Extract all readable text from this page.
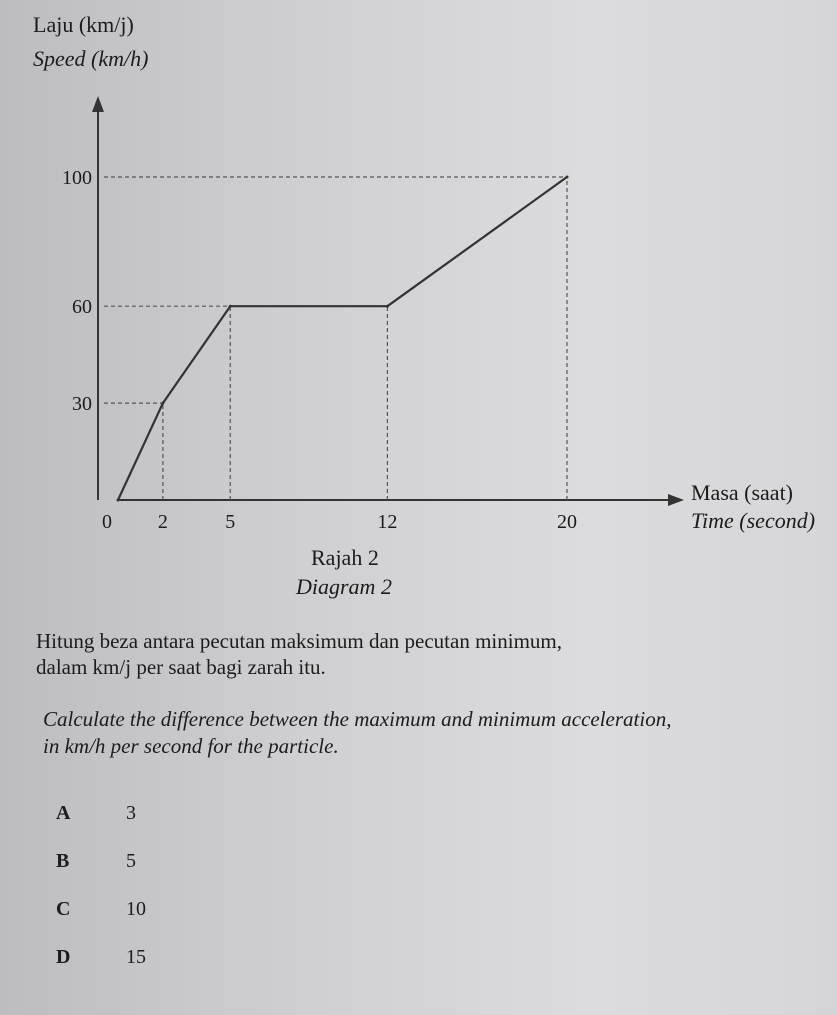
Laju (km/j)
Speed (km/h)
0 2	5	12	20
30
60
100
Masa (saat)
Time (second)
Rajah 2
Diagram 2
Hitung beza antara pecutan maksimum dan pecutan minimum,
dalam km/j per saat bagi zarah itu.
Calculate the difference between the maximum and minimum acceleration,
in km/h per second for the particle.
A	3
B	5
C	10
D	15
